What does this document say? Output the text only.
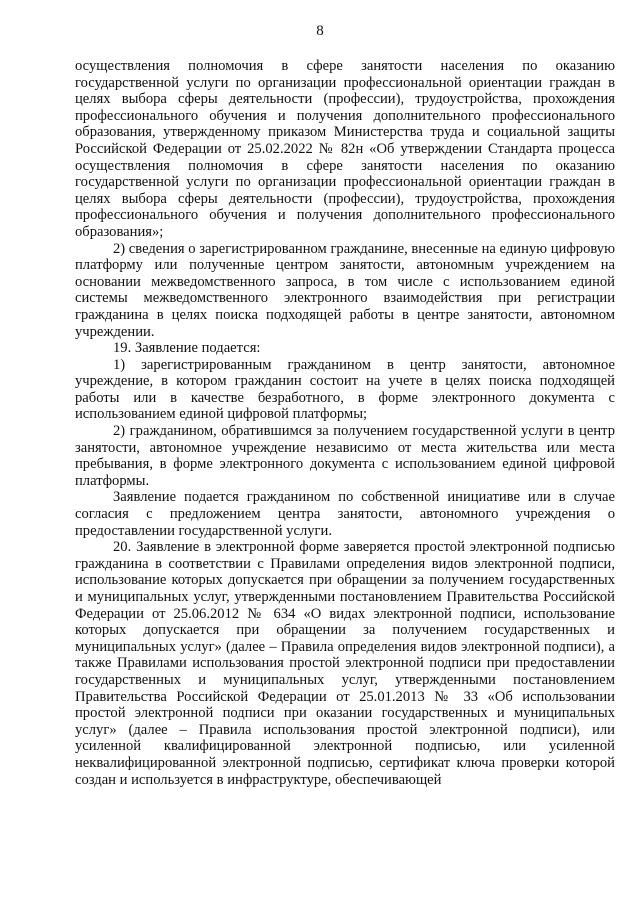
8

осуществления полномочия в сфере занятости населения по оказанию государственной услуги по организации профессиональной ориентации граждан в целях выбора сферы деятельности (профессии), трудоустройства, прохождения профессионального обучения и получения дополнительного профессионального образования, утвержденному приказом Министерства труда и социальной защиты Российской Федерации от 25.02.2022 № 82н «Об утверждении Стандарта процесса осуществления полномочия в сфере занятости населения по оказанию государственной услуги по организации профессиональной ориентации граждан в целях выбора сферы деятельности (профессии), трудоустройства, прохождения профессионального обучения и получения дополнительного профессионального образования»;

2) сведения о зарегистрированном гражданине, внесенные на единую цифровую платформу или полученные центром занятости, автономным учреждением на основании межведомственного запроса, в том числе с использованием единой системы межведомственного электронного взаимодействия при регистрации гражданина в целях поиска подходящей работы в центре занятости, автономном учреждении.

19. Заявление подается:

1) зарегистрированным гражданином в центр занятости, автономное учреждение, в котором гражданин состоит на учете в целях поиска подходящей работы или в качестве безработного, в форме электронного документа с использованием единой цифровой платформы;

2) гражданином, обратившимся за получением государственной услуги в центр занятости, автономное учреждение независимо от места жительства или места пребывания, в форме электронного документа с использованием единой цифровой платформы.

Заявление подается гражданином по собственной инициативе или в случае согласия с предложением центра занятости, автономного учреждения о предоставлении государственной услуги.

20. Заявление в электронной форме заверяется простой электронной подписью гражданина в соответствии с Правилами определения видов электронной подписи, использование которых допускается при обращении за получением государственных и муниципальных услуг, утвержденными постановлением Правительства Российской Федерации от 25.06.2012 № 634 «О видах электронной подписи, использование которых допускается при обращении за получением государственных и муниципальных услуг» (далее – Правила определения видов электронной подписи), а также Правилами использования простой электронной подписи при предоставлении государственных и муниципальных услуг, утвержденными постановлением Правительства Российской Федерации от 25.01.2013 № 33 «Об использовании простой электронной подписи при оказании государственных и муниципальных услуг» (далее – Правила использования простой электронной подписи), или усиленной квалифицированной электронной подписью, или усиленной неквалифицированной электронной подписью, сертификат ключа проверки которой создан и используется в инфраструктуре, обеспечивающей
